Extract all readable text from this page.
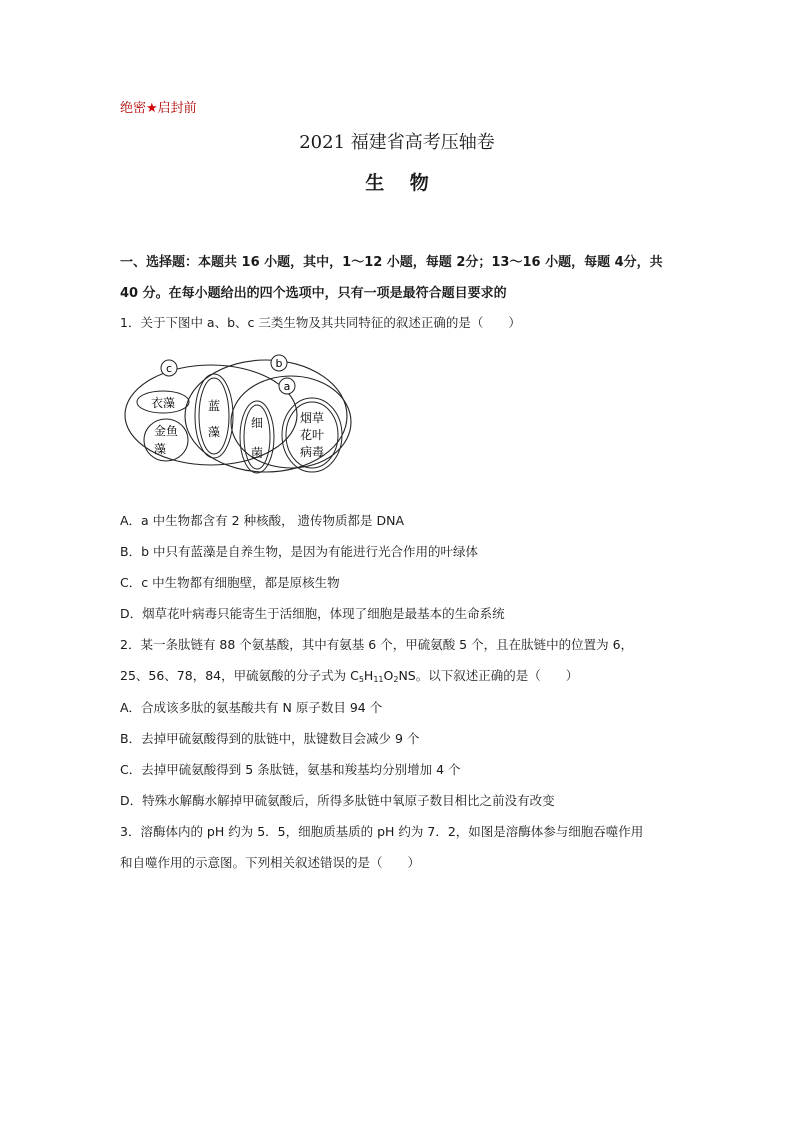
绝密★启封前
2021 福建省高考压轴卷
生　 物
一、选择题：本题共 16 小题，其中，1～12 小题，每题 2分；13～16 小题，每题 4分，共
40 分。在每小题给出的四个选项中，只有一项是最符合题目要求的
1．关于下图中 a、b、c 三类生物及其共同特征的叙述正确的是（　　）
c	b
a
衣藻
金鱼
藻
蓝
藻
细
菌
烟草
花叶
病毒
A．a 中生物都含有 2 种核酸， 遗传物质都是 DNA
B．b 中只有蓝藻是自养生物，是因为有能进行光合作用的叶绿体
C．c 中生物都有细胞壁，都是原核生物
D．烟草花叶病毒只能寄生于活细胞，体现了细胞是最基本的生命系统
2．某一条肽链有 88 个氨基酸，其中有氨基 6 个，甲硫氨酸 5 个，且在肽链中的位置为 6，
25、56、78，84，甲硫氨酸的分子式为 $C_5H_{11}O_2NS$。以下叙述正确的是（　　）
A．合成该多肽的氨基酸共有 N 原子数目 94 个
B．去掉甲硫氨酸得到的肽链中，肽键数目会减少 9 个
C．去掉甲硫氨酸得到 5 条肽链，氨基和羧基均分别增加 4 个
D．特殊水解酶水解掉甲硫氨酸后，所得多肽链中氧原子数目相比之前没有改变
3．溶酶体内的 pH 约为 5．5，细胞质基质的 pH 约为 7．2，如图是溶酶体参与细胞吞噬作用
和自噬作用的示意图。下列相关叙述错误的是（　　）
